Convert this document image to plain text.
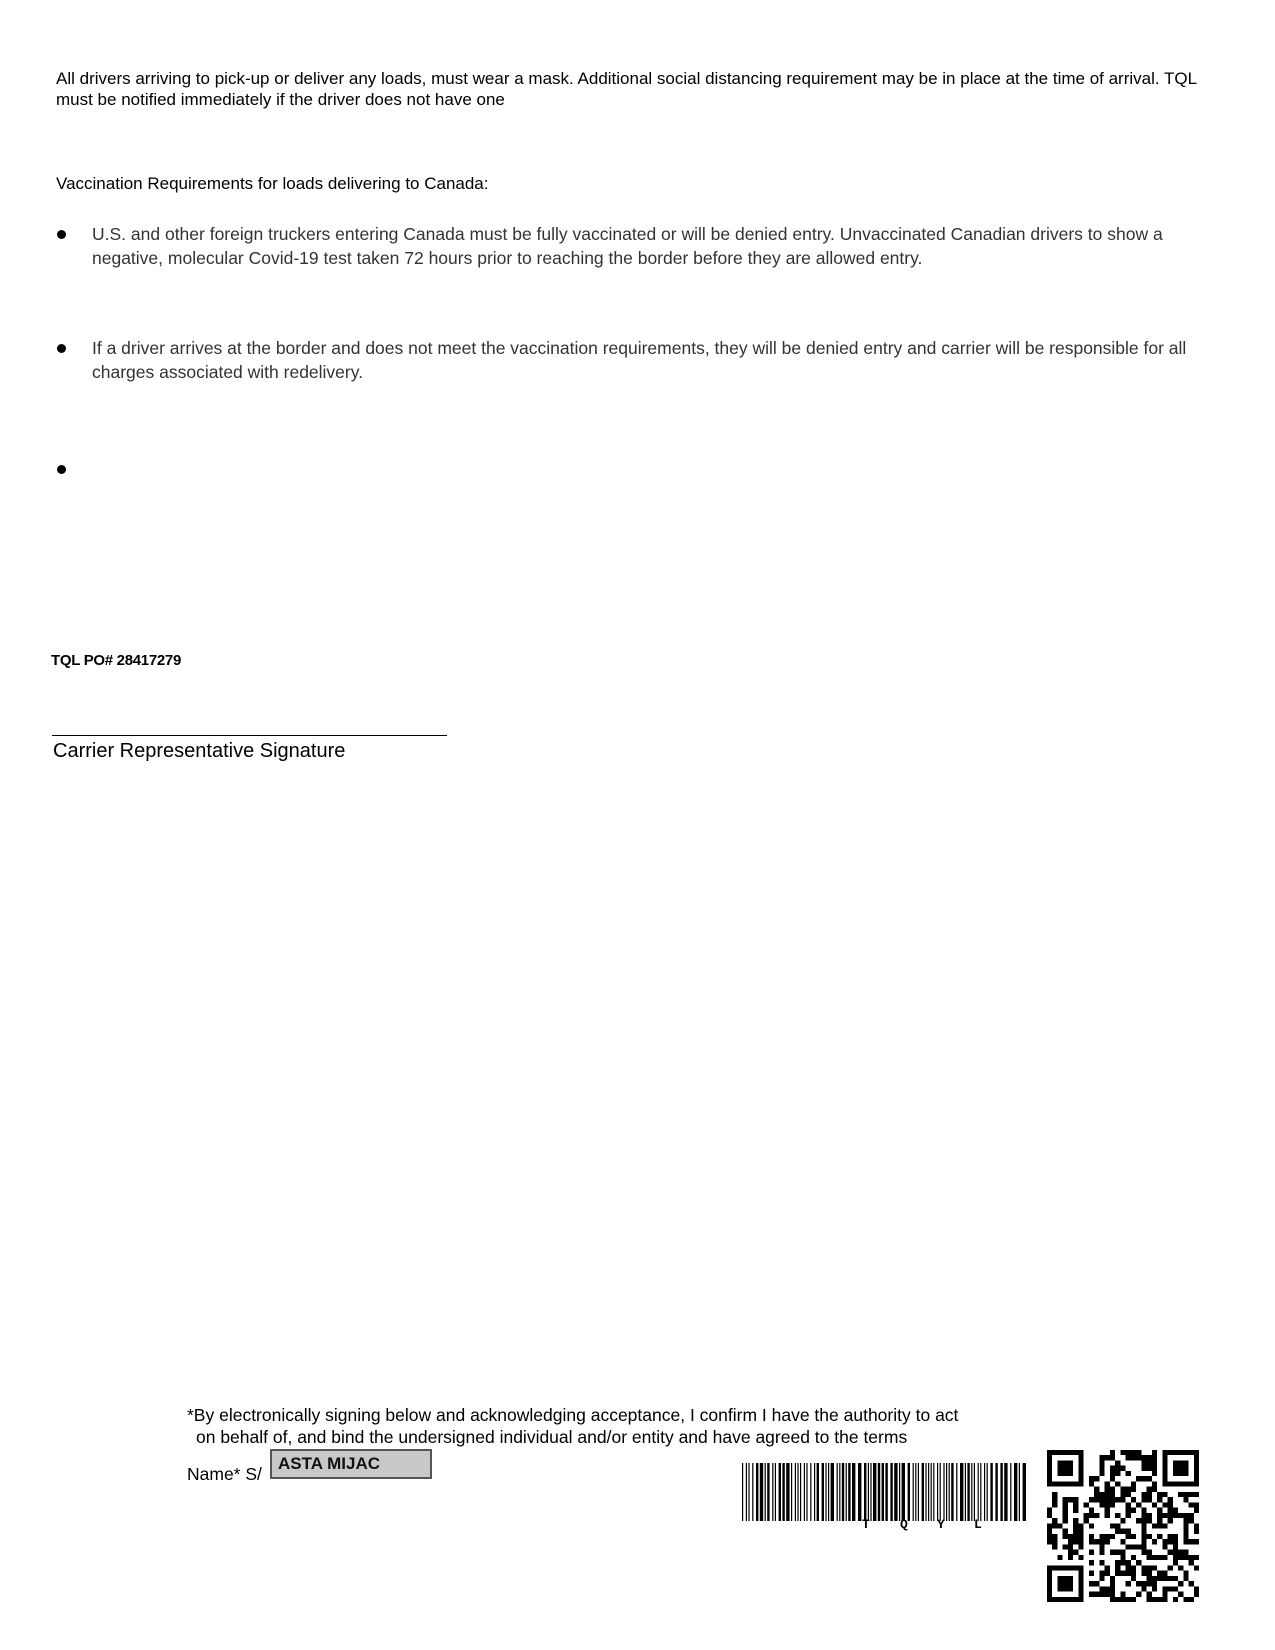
All drivers arriving to pick-up or deliver any loads, must wear a mask. Additional social distancing requirement may be in place at the time of arrival. TQL must be notified immediately if the driver does not have one
Vaccination Requirements for loads delivering to Canada:
U.S. and other foreign truckers entering Canada must be fully vaccinated or will be denied entry. Unvaccinated Canadian drivers to show a negative, molecular Covid-19 test taken 72 hours prior to reaching the border before they are allowed entry.
If a driver arrives at the border and does not meet the vaccination requirements, they will be denied entry and carrier will be responsible for all charges associated with redelivery.
TQL PO# 28417279
Carrier Representative Signature
*By electronically signing below and acknowledging acceptance, I confirm I have the authority to act
on behalf of, and bind the undersigned individual and/or entity and have agreed to the terms
Name* S/
ASTA MIJAC
T Q Y L
